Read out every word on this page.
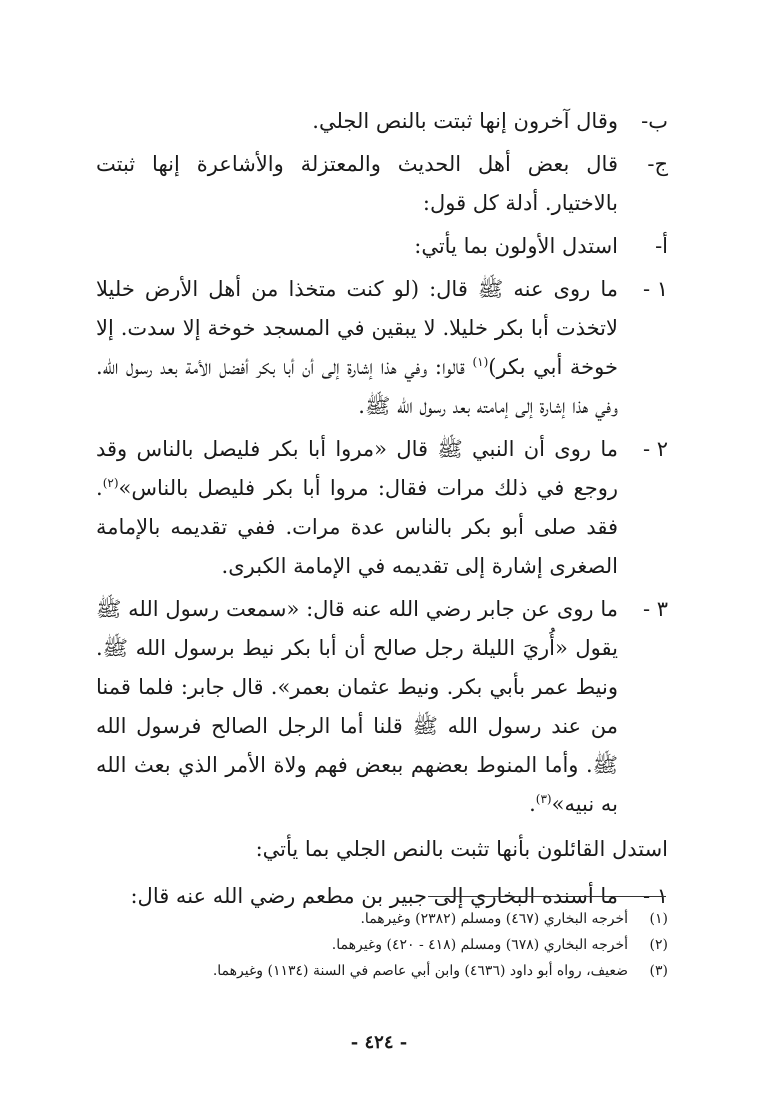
ب‌-
وقال آخرون إنها ثبتت بالنص الجلي.
ج‌-
قال بعض أهل الحديث والمعتزلة والأشاعرة إنها ثبتت بالاختيار. أدلة كل قول:
أ‌-
استدل الأولون بما يأتي:
١ -
ما روى عنه ﷺ قال: (لو كنت متخذا من أهل الأرض خليلا لاتخذت أبا بكر خليلا. لا يبقين في المسجد خوخة إلا سدت. إلا خوخة أبي بكر)$^{(١)}$ قالوا: وفي هذا إشارة إلى أن أبا بكر أفضل الأمة بعد رسول الله. وفي هذا إشارة إلى إمامته بعد رسول الله ﷺ.
٢ -
ما روى أن النبي ﷺ قال «مروا أبا بكر فليصل بالناس وقد روجع في ذلك مرات فقال: مروا أبا بكر فليصل بالناس»$^{(٢)}$. فقد صلى أبو بكر بالناس عدة مرات. ففي تقديمه بالإمامة الصغرى إشارة إلى تقديمه في الإمامة الكبرى.
٣ -
ما روى عن جابر رضي الله عنه قال: «سمعت رسول الله ﷺ يقول «أُريَ الليلة رجل صالح أن أبا بكر نيط برسول الله ﷺ. ونيط عمر بأبي بكر. ونيط عثمان بعمر». قال جابر: فلما قمنا من عند رسول الله ﷺ قلنا أما الرجل الصالح فرسول الله ﷺ. وأما المنوط بعضهم ببعض فهم ولاة الأمر الذي بعث الله به نبيه»$^{(٣)}$.
استدل القائلون بأنها تثبت بالنص الجلي بما يأتي:
١ -
ما أسنده البخاري إلى جبير بن مطعم رضي الله عنه قال:
(١)
أخرجه البخاري (٤٦٧) ومسلم (٢٣٨٢) وغيرهما.
(٢)
أخرجه البخاري (٦٧٨) ومسلم (٤١٨ - ٤٢٠) وغيرهما.
(٣)
ضعيف، رواه أبو داود (٤٦٣٦) وابن أبي عاصم في السنة (١١٣٤) وغيرهما.
- ٤٢٤ -
